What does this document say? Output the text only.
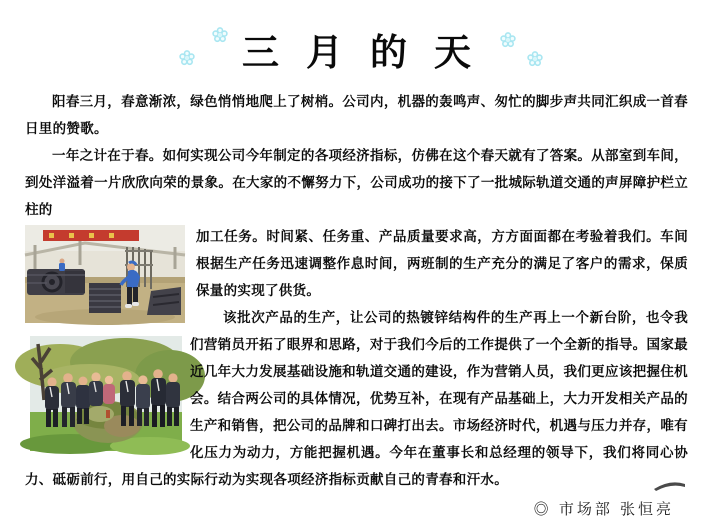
三月的天

阳春三月，春意渐浓，绿色悄悄地爬上了树梢。公司内，机器的轰鸣声、匆忙的脚步声共同汇织成一首春日里的赞歌。

一年之计在于春。如何实现公司今年制定的各项经济指标，仿佛在这个春天就有了答案。从部室到车间，到处洋溢着一片欣欣向荣的景象。在大家的不懈努力下，公司成功的接下了一批城际轨道交通的声屏障护栏立柱的

加工任务。时间紧、任务重、产品质量要求高，方方面面都在考验着我们。车间根据生产任务迅速调整作息时间，两班制的生产充分的满足了客户的需求，保质保量的实现了供货。

该批次产品的生产，让公司的热镀锌结构件的生产再上一个新台阶，也令我们营销员开拓了眼界和思路，对于我们今后的工作提供了一个全新的指导。国家最近几年大力发展基础设施和轨道交通的建设，作为营销人员，我们更应该把握住机会。结合两公司的具体情况，优势互补，在现有产品基础上，大力开发相关产品的生产和销售，把公司的品牌和口碑打出去。市场经济时代，机遇与压力并存，唯有化压力为动力，方能把握机遇。今年在董事长和总经理的领导下，我们将同心协力、砥砺前行，用自己的实际行动为实现各项经济指标贡献自己的青春和汗水。

◎ 市场部 张恒亮
